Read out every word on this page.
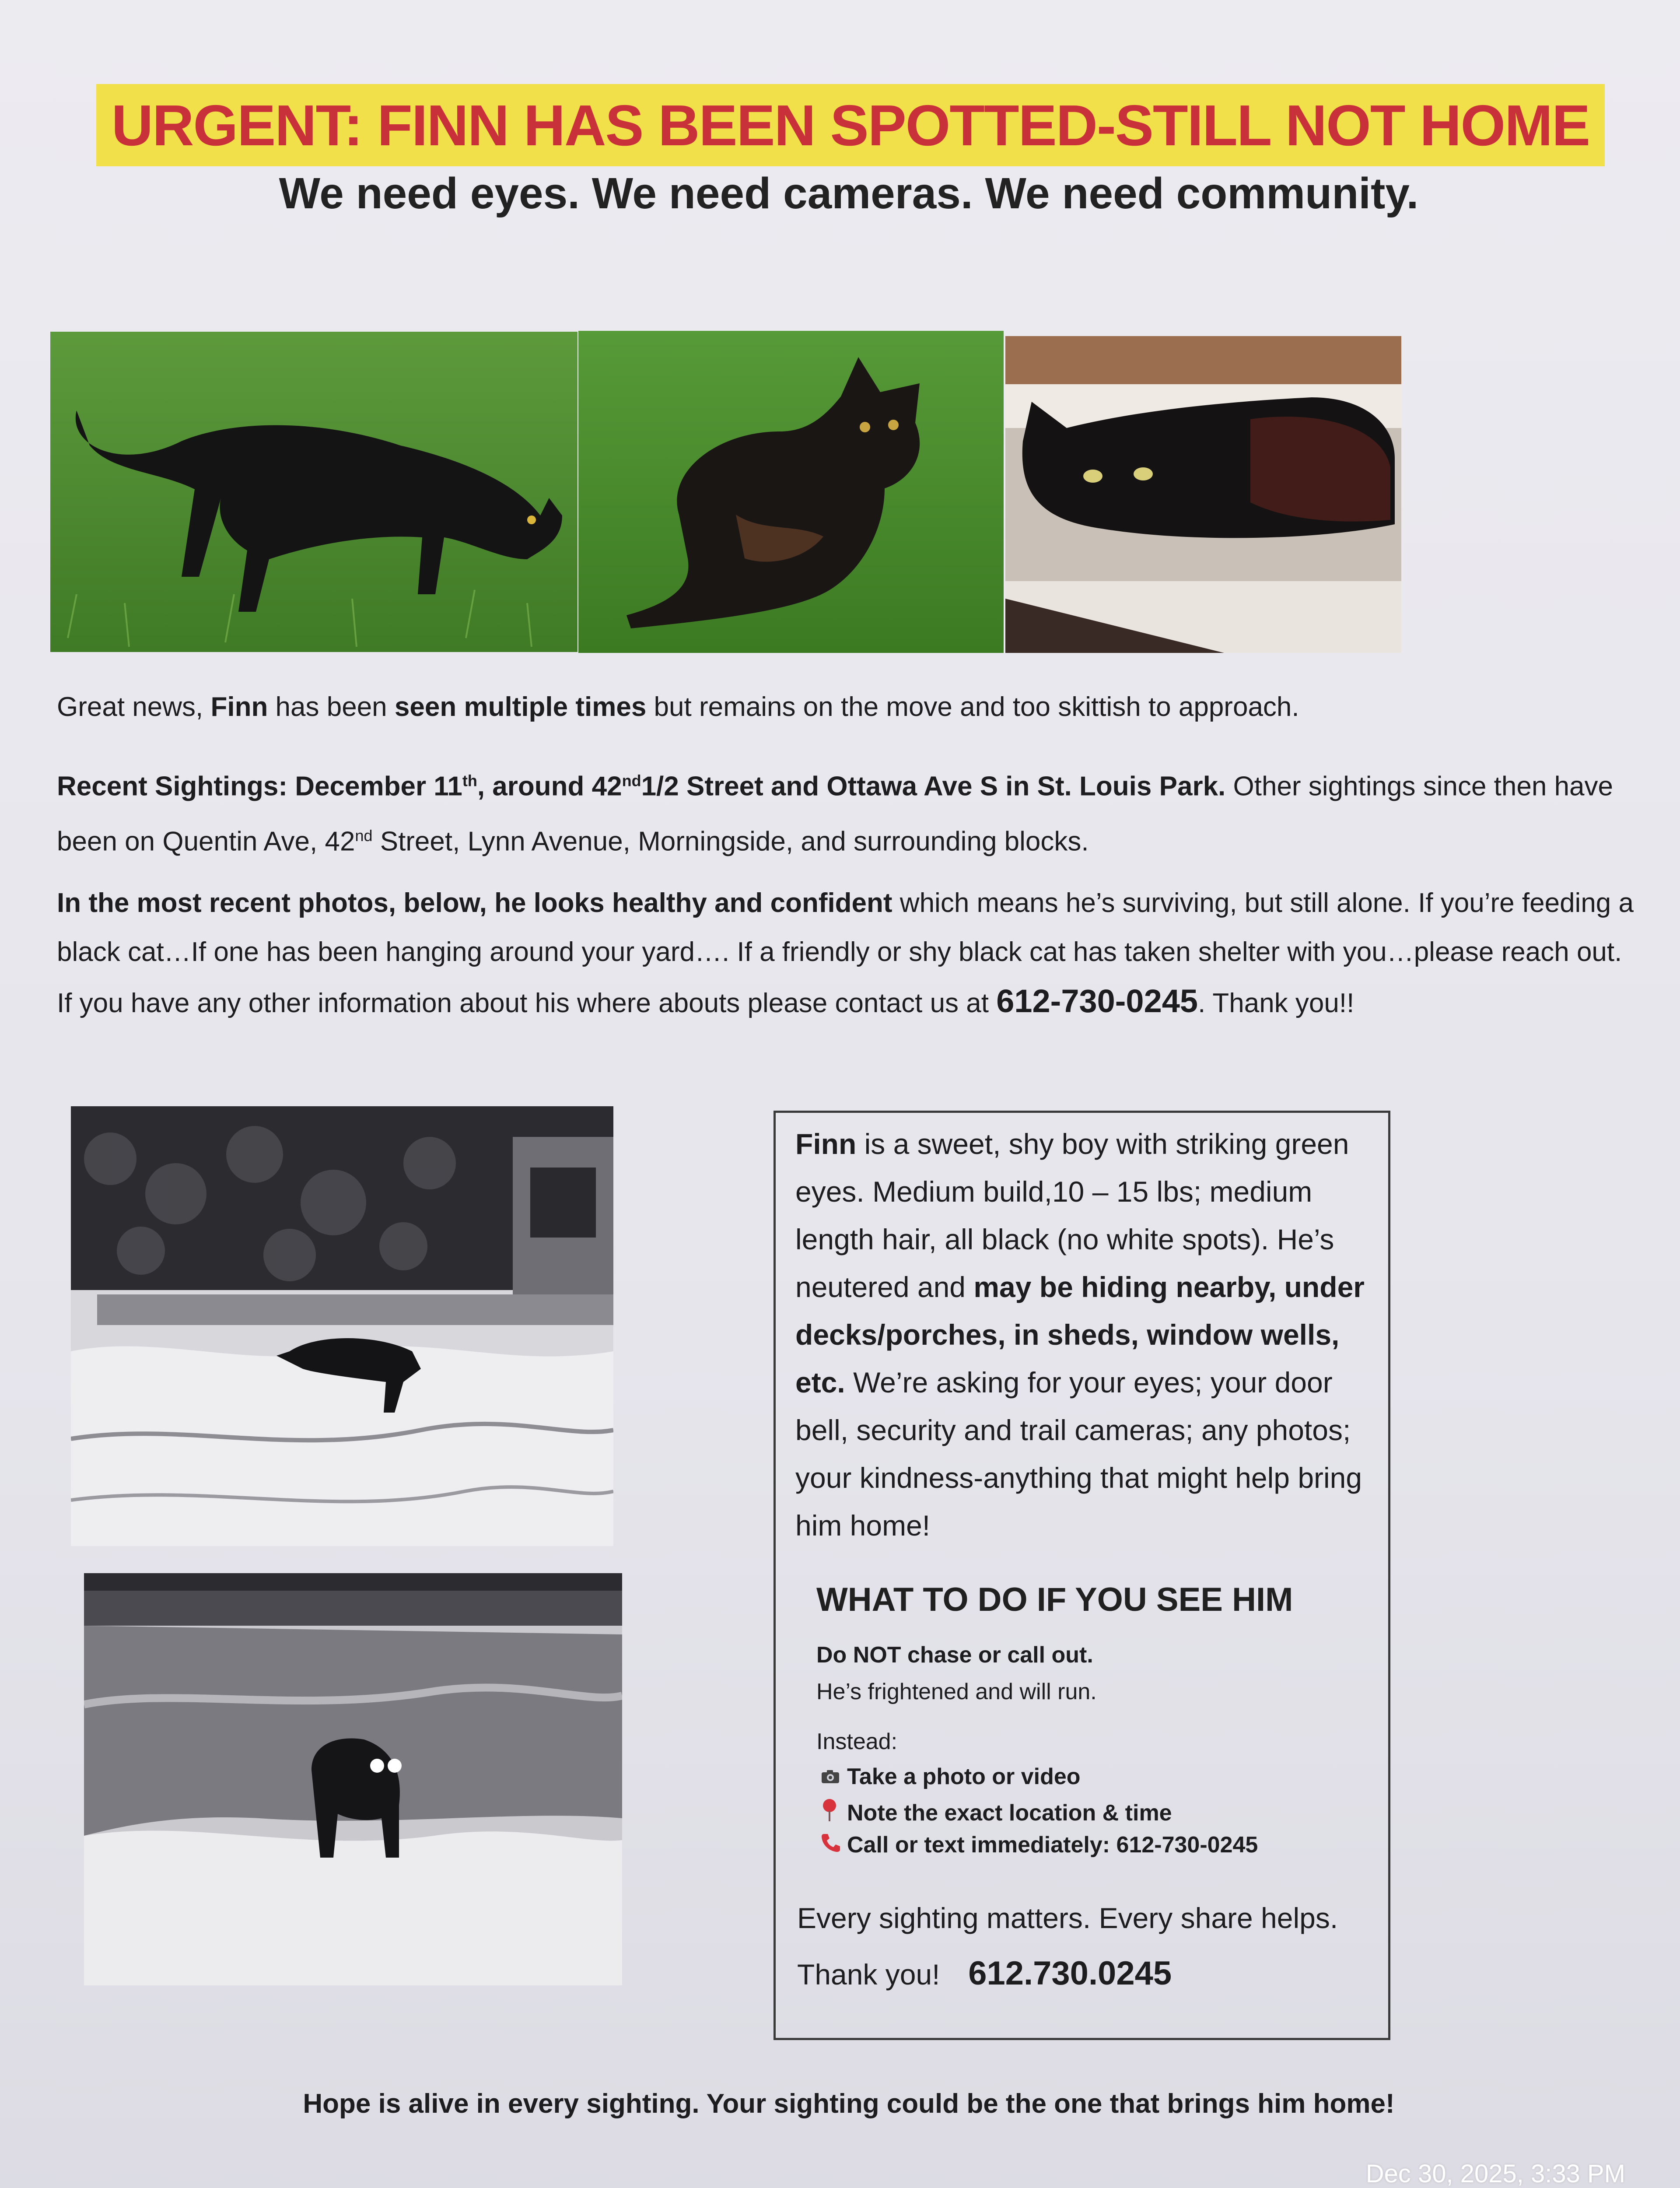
URGENT: FINN HAS BEEN SPOTTED-STILL NOT HOME
We need eyes. We need cameras. We need community.

Great news, Finn has been seen multiple times but remains on the move and too skittish to approach.

Recent Sightings: December 11th, around 42nd1/2 Street and Ottawa Ave S in St. Louis Park. Other sightings since then have been on Quentin Ave, 42nd Street, Lynn Avenue, Morningside, and surrounding blocks.

In the most recent photos, below, he looks healthy and confident which means he’s surviving, but still alone. If you’re feeding a black cat…If one has been hanging around your yard…. If a friendly or shy black cat has taken shelter with you…please reach out. If you have any other information about his where abouts please contact us at 612-730-0245. Thank you!!

Finn is a sweet, shy boy with striking green eyes. Medium build,10 – 15 lbs; medium length hair, all black (no white spots). He’s neutered and may be hiding nearby, under decks/porches, in sheds, window wells, etc. We’re asking for your eyes; your door bell, security and trail cameras; any photos; your kindness-anything that might help bring him home!

WHAT TO DO IF YOU SEE HIM
Do NOT chase or call out.
He’s frightened and will run.
Instead:
Take a photo or video
Note the exact location & time
Call or text immediately: 612-730-0245
Every sighting matters. Every share helps.
Thank you! 612.730.0245
Hope is alive in every sighting. Your sighting could be the one that brings him home!
Dec 30, 2025, 3:33 PM
